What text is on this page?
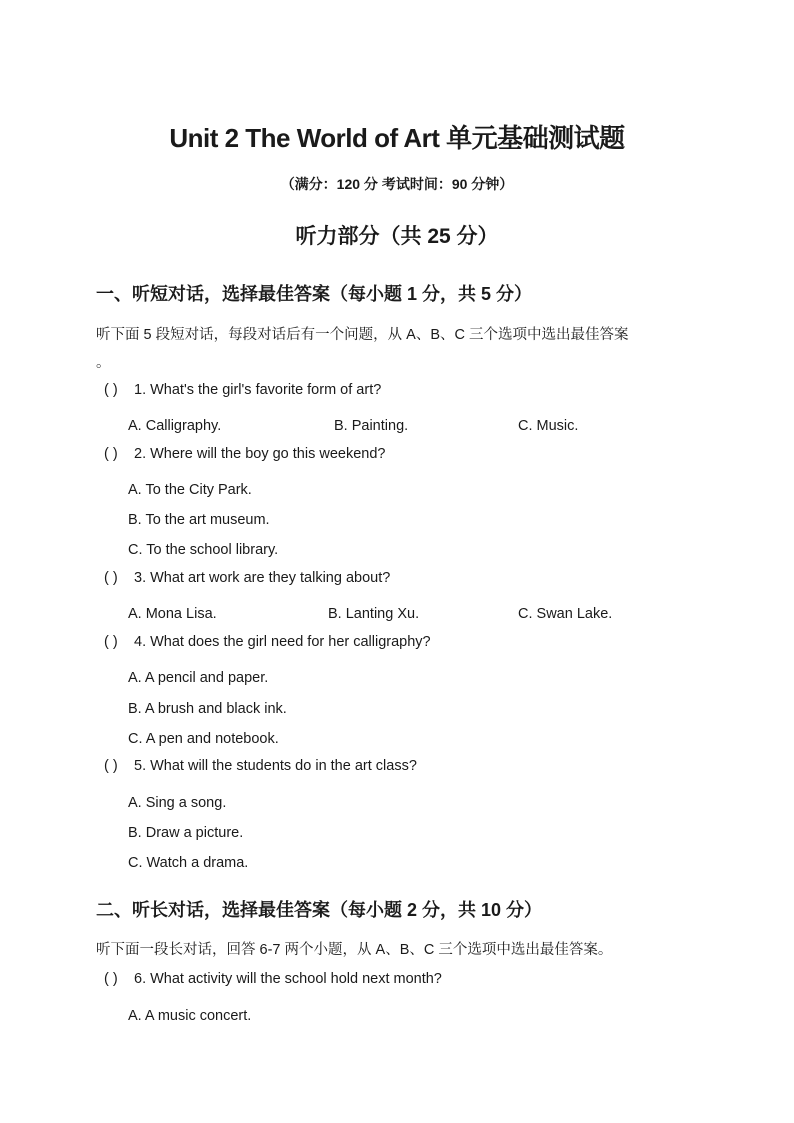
Unit 2 The World of Art 单元基础测试题
（满分：120 分 考试时间：90 分钟）
听力部分（共 25 分）
一、听短对话，选择最佳答案（每小题 1 分，共 5 分）
听下面 5 段短对话，每段对话后有一个问题，从 A、B、C 三个选项中选出最佳答案
。
( ) 1. What's the girl's favorite form of art?
A. Calligraphy.	B. Painting.	C. Music.
( ) 2. Where will the boy go this weekend?
A. To the City Park.
B. To the art museum.
C. To the school library.
( ) 3. What art work are they talking about?
A. Mona Lisa.	B. Lanting Xu.	C. Swan Lake.
( ) 4. What does the girl need for her calligraphy?
A. A pencil and paper.
B. A brush and black ink.
C. A pen and notebook.
( ) 5. What will the students do in the art class?
A. Sing a song.
B. Draw a picture.
C. Watch a drama.
二、听长对话，选择最佳答案（每小题 2 分，共 10 分）
听下面一段长对话，回答 6-7 两个小题，从 A、B、C 三个选项中选出最佳答案。
( ) 6. What activity will the school hold next month?
A. A music concert.
